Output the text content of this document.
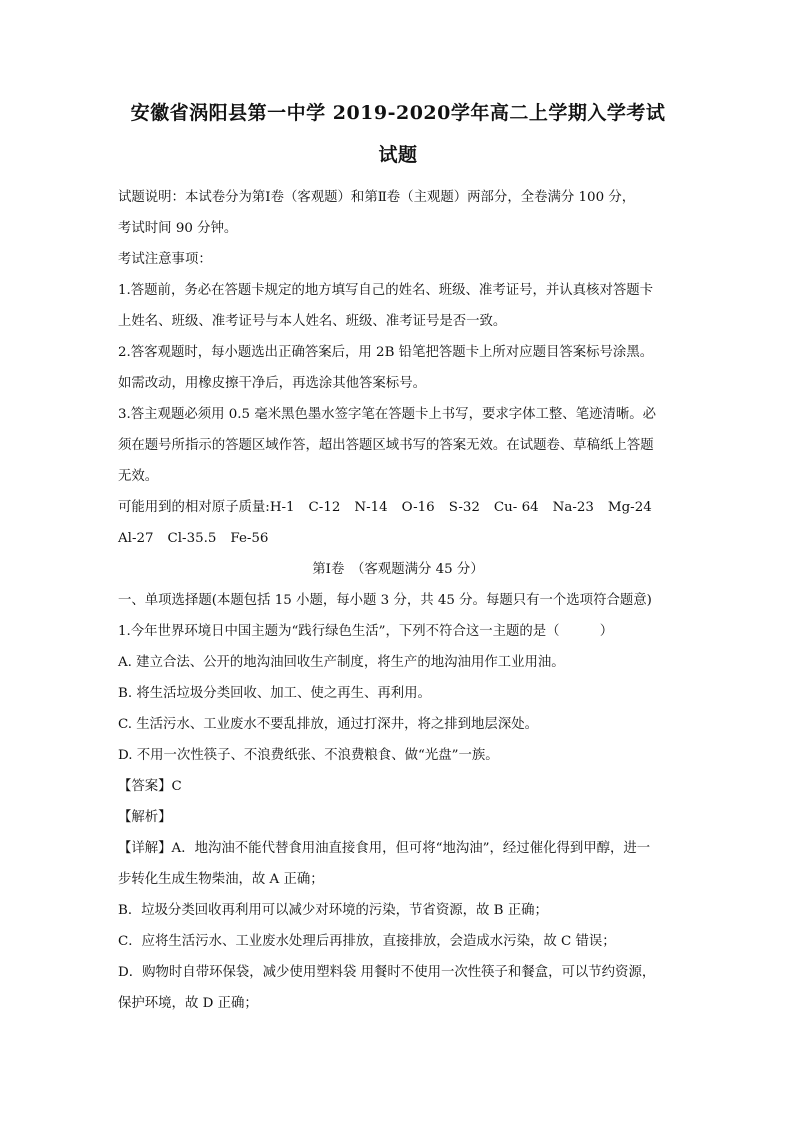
安徽省涡阳县第一中学 2019-2020学年高二上学期入学考试
试题

试题说明：本试卷分为第Ⅰ卷（客观题）和第Ⅱ卷（主观题）两部分，全卷满分 100 分，

考试时间 90 分钟。

考试注意事项：

1.答题前，务必在答题卡规定的地方填写自己的姓名、班级、准考证号，并认真核对答题卡

上姓名、班级、准考证号与本人姓名、班级、准考证号是否一致。

2.答客观题时，每小题选出正确答案后，用 2B 铅笔把答题卡上所对应题目答案标号涂黑。

如需改动，用橡皮擦干净后，再选涂其他答案标号。

3.答主观题必须用 0.5 毫米黑色墨水签字笔在答题卡上书写，要求字体工整、笔迹清晰。必

须在题号所指示的答题区域作答，超出答题区域书写的答案无效。在试题卷、草稿纸上答题

无效。

可能用到的相对原子质量:H-1 C-12 N-14 O-16 S-32 Cu- 64 Na-23 Mg-24

Al-27 Cl-35.5 Fe-56

第Ⅰ卷　（客观题满分 45 分）

一、单项选择题(本题包括 15 小题，每小题 3 分，共 45 分。每题只有一个选项符合题意)

1.今年世界环境日中国主题为“践行绿色生活”，下列不符合这一主题的是（　　　）

A. 建立合法、公开的地沟油回收生产制度，将生产的地沟油用作工业用油。

B. 将生活垃圾分类回收、加工、使之再生、再利用。

C. 生活污水、工业废水不要乱排放，通过打深井，将之排到地层深处。

D. 不用一次性筷子、不浪费纸张、不浪费粮食、做“光盘”一族。

【答案】C

【解析】

【详解】A．地沟油不能代替食用油直接食用，但可将“地沟油”，经过催化得到甲醇，进一

步转化生成生物柴油，故 A 正确；

B．垃圾分类回收再利用可以减少对环境的污染，节省资源，故 B 正确；

C．应将生活污水、工业废水处理后再排放，直接排放，会造成水污染，故 C 错误；

D．购物时自带环保袋，减少使用塑料袋 用餐时不使用一次性筷子和餐盒，可以节约资源，

保护环境，故 D 正确；
